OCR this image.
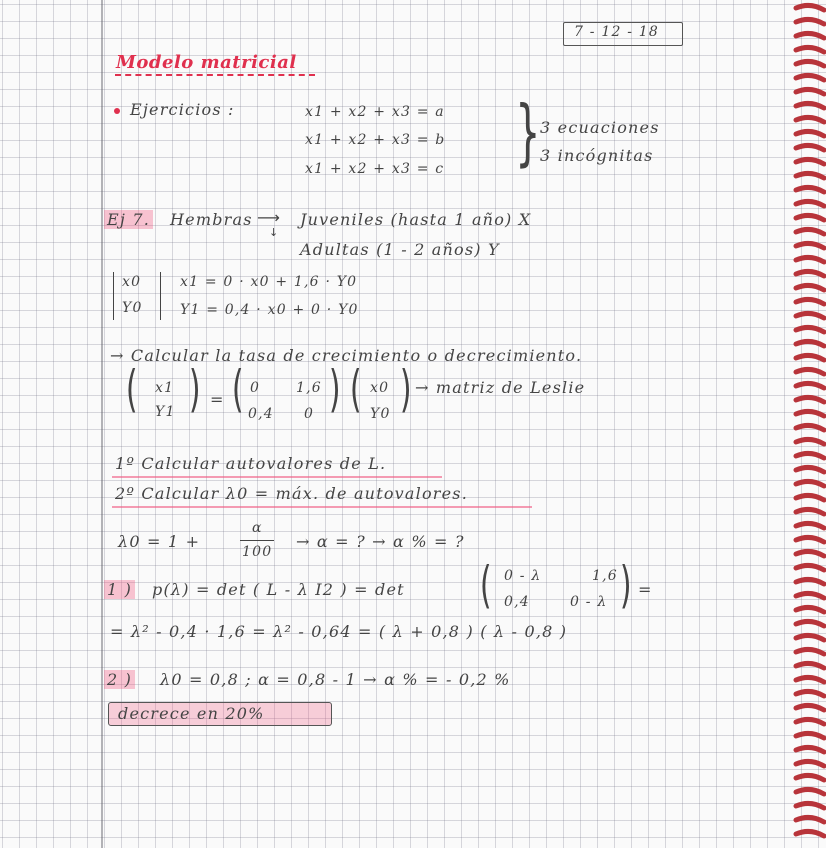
7 - 12 - 18
Modelo matricial
Ejercicios :	x1 + x2 + x3 = a
x1 + x2 + x3 = b
x1 + x2 + x3 = c } 3 ecuaciones
3 incógnitas
Ej 7. Hembras ⟶
↓
Juveniles (hasta 1 año) X
Adultas (1 - 2 años) Y
x0
Y0
x1 = 0 · x0 + 1,6 · Y0
Y1 = 0,4 · x0 + 0 · Y0
→ Calcular la tasa de crecimiento o decrecimiento.
( x1
Y1 ) = ( 0	1,6
0,4 0 ) ( x0
Y0 ) → matriz de Leslie
1º Calcular autovalores de L.
2º Calcular λ0 = máx. de autovalores.
λ0 = 1 +
α
100
→ α = ? → α % = ?
1 ) p(λ) = det ( L - λ I2 ) = det ( 0 - λ	1,6
0,4	0 - λ ) =
= λ² - 0,4 · 1,6 = λ² - 0,64 = ( λ + 0,8 ) ( λ - 0,8 )
2 ) λ0 = 0,8 ; α = 0,8 - 1 → α % = - 0,2 %
decrece en 20%
